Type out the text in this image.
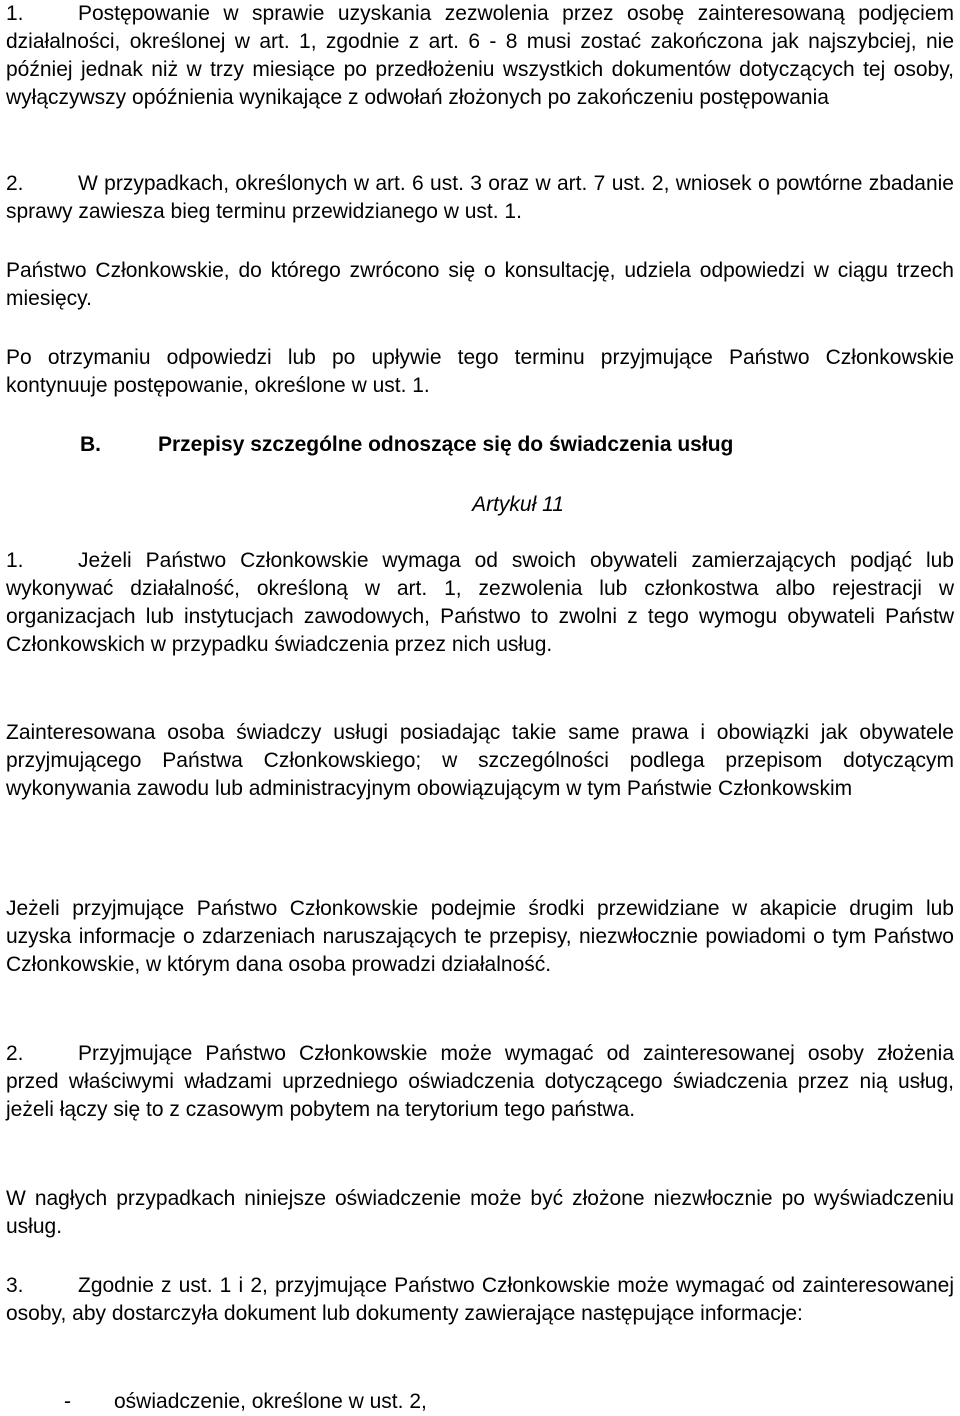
1.	Postępowanie w sprawie uzyskania zezwolenia przez osobę zainteresowaną podjęciem działalności, określonej w art. 1, zgodnie z art. 6 - 8 musi zostać zakończona jak najszybciej, nie później jednak niż w trzy miesiące po przedłożeniu wszystkich dokumentów dotyczących tej osoby, wyłączywszy opóźnienia wynikające z odwołań złożonych po zakończeniu postępowania

2.	W przypadkach, określonych w art. 6 ust. 3 oraz w art. 7 ust. 2, wniosek o powtórne zbadanie sprawy zawiesza bieg terminu przewidzianego w ust. 1.

Państwo Członkowskie, do którego zwrócono się o konsultację, udziela odpowiedzi w ciągu trzech miesięcy.

Po otrzymaniu odpowiedzi lub po upływie tego terminu przyjmujące Państwo Członkowskie kontynuuje postępowanie, określone w ust. 1.

B.	Przepisy szczególne odnoszące się do świadczenia usług
Artykuł 11

1.	Jeżeli Państwo Członkowskie wymaga od swoich obywateli zamierzających podjąć lub wykonywać działalność, określoną w art. 1, zezwolenia lub członkostwa albo rejestracji w organizacjach lub instytucjach zawodowych, Państwo to zwolni z tego wymogu obywateli Państw Członkowskich w przypadku świadczenia przez nich usług.

Zainteresowana osoba świadczy usługi posiadając takie same prawa i obowiązki jak obywatele przyjmującego Państwa Członkowskiego; w szczególności podlega przepisom dotyczącym wykonywania zawodu lub administracyjnym obowiązującym w tym Państwie Członkowskim

Jeżeli przyjmujące Państwo Członkowskie podejmie środki przewidziane w akapicie drugim lub uzyska informacje o zdarzeniach naruszających te przepisy, niezwłocznie powiadomi o tym Państwo Członkowskie, w którym dana osoba prowadzi działalność.

2.	Przyjmujące Państwo Członkowskie może wymagać od zainteresowanej osoby złożenia przed właściwymi władzami uprzedniego oświadczenia dotyczącego świadczenia przez nią usług, jeżeli łączy się to z czasowym pobytem na terytorium tego państwa.

W nagłych przypadkach niniejsze oświadczenie może być złożone niezwłocznie po wyświadczeniu usług.

3.	Zgodnie z ust. 1 i 2, przyjmujące Państwo Członkowskie może wymagać od zainteresowanej osoby, aby dostarczyła dokument lub dokumenty zawierające następujące informacje:

- oświadczenie, określone w ust. 2,
